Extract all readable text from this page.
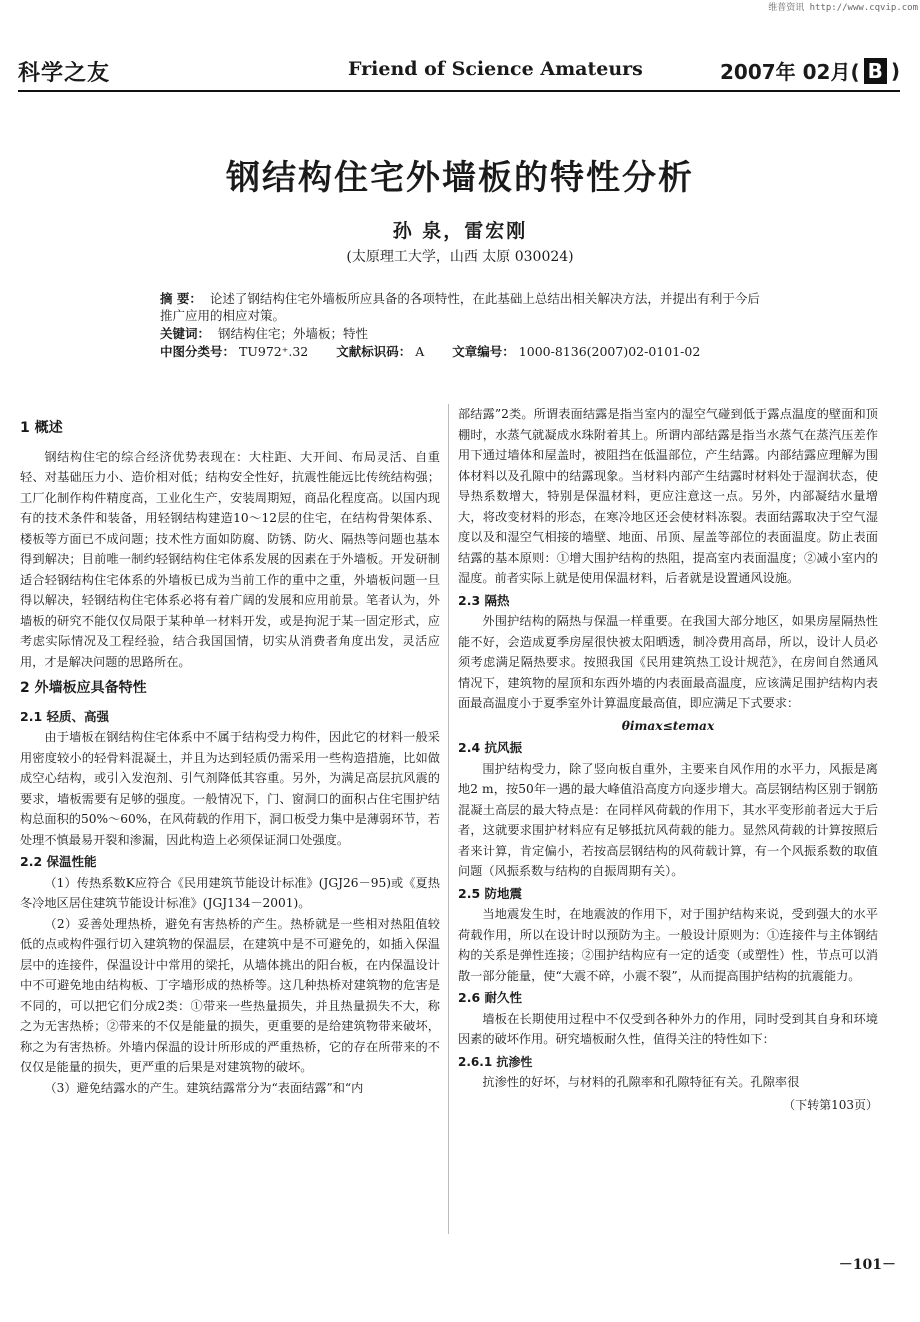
维普资讯 http://www.cqvip.com
科学之友	Friend of Science Amateurs	2007年 02月( B )
钢结构住宅外墙板的特性分析
孙 泉，雷宏刚
(太原理工大学，山西 太原 030024)

摘 要： 论述了钢结构住宅外墙板所应具备的各项特性，在此基础上总结出相关解决方法，并提出有利于今后推广应用的相应对策。

关键词： 钢结构住宅；外墙板；特性

中图分类号： TU972⁺.32 文献标识码： A 文章编号： 1000-8136(2007)02-0101-02
1 概述

钢结构住宅的综合经济优势表现在：大柱距、大开间、布局灵活、自重轻、对基础压力小、造价相对低；结构安全性好，抗震性能远比传统结构强；工厂化制作构件精度高，工业化生产，安装周期短，商品化程度高。以国内现有的技术条件和装备，用轻钢结构建造10～12层的住宅，在结构骨架体系、楼板等方面已不成问题；技术性方面如防腐、防锈、防火、隔热等问题也基本得到解决；目前唯一制约轻钢结构住宅体系发展的因素在于外墙板。开发研制适合轻钢结构住宅体系的外墙板已成为当前工作的重中之重，外墙板问题一旦得以解决，轻钢结构住宅体系必将有着广阔的发展和应用前景。笔者认为，外墙板的研究不能仅仅局限于某种单一材料开发，或是拘泥于某一固定形式，应考虑实际情况及工程经验，结合我国国情，切实从消费者角度出发，灵活应用，才是解决问题的思路所在。

2 外墙板应具备特性
2.1 轻质、高强

由于墙板在钢结构住宅体系中不属于结构受力构件，因此它的材料一般采用密度较小的轻骨料混凝土，并且为达到轻质仍需采用一些构造措施，比如做成空心结构，或引入发泡剂、引气剂降低其容重。另外，为满足高层抗风震的要求，墙板需要有足够的强度。一般情况下，门、窗洞口的面积占住宅围护结构总面积的50%～60%，在风荷载的作用下，洞口板受力集中是薄弱环节，若处理不慎最易开裂和渗漏，因此构造上必须保证洞口处强度。

2.2 保温性能

（1）传热系数K应符合《民用建筑节能设计标准》(JGJ26－95)或《夏热冬冷地区居住建筑节能设计标准》(JGJ134－2001)。

（2）妥善处理热桥，避免有害热桥的产生。热桥就是一些相对热阻值较低的点或构件强行切入建筑物的保温层，在建筑中是不可避免的，如插入保温层中的连接件，保温设计中常用的梁托，从墙体挑出的阳台板，在内保温设计中不可避免地由结构板、丁字墙形成的热桥等。这几种热桥对建筑物的危害是不同的，可以把它们分成2类：①带来一些热量损失，并且热量损失不大，称之为无害热桥；②带来的不仅是能量的损失，更重要的是给建筑物带来破坏，称之为有害热桥。外墙内保温的设计所形成的严重热桥，它的存在所带来的不仅仅是能量的损失，更严重的后果是对建筑物的破坏。

（3）避免结露水的产生。建筑结露常分为“表面结露”和“内

部结露”2类。所谓表面结露是指当室内的湿空气碰到低于露点温度的壁面和顶棚时，水蒸气就凝成水珠附着其上。所谓内部结露是指当水蒸气在蒸汽压差作用下通过墙体和屋盖时，被阻挡在低温部位，产生结露。内部结露应理解为围体材料以及孔隙中的结露现象。当材料内部产生结露时材料处于湿润状态，使导热系数增大，特别是保温材料，更应注意这一点。另外，内部凝结水量增大，将改变材料的形态，在寒冷地区还会使材料冻裂。表面结露取决于空气湿度以及和湿空气相接的墙壁、地面、吊顶、屋盖等部位的表面温度。防止表面结露的基本原则：①增大围护结构的热阻，提高室内表面温度；②减小室内的湿度。前者实际上就是使用保温材料，后者就是设置通风设施。

2.3 隔热

外围护结构的隔热与保温一样重要。在我国大部分地区，如果房屋隔热性能不好，会造成夏季房屋很快被太阳晒透，制冷费用高昂，所以，设计人员必须考虑满足隔热要求。按照我国《民用建筑热工设计规范》，在房间自然通风情况下，建筑物的屋顶和东西外墙的内表面最高温度，应该满足围护结构内表面最高温度小于夏季室外计算温度最高值，即应满足下式要求：

θimax≤temax

2.4 抗风振

围护结构受力，除了竖向板自重外，主要来自风作用的水平力，风振是离地2 m，按50年一遇的最大峰值沿高度方向逐步增大。高层钢结构区别于钢筋混凝土高层的最大特点是：在同样风荷载的作用下，其水平变形前者远大于后者，这就要求围护材料应有足够抵抗风荷载的能力。显然风荷载的计算按照后者来计算，肯定偏小，若按高层钢结构的风荷载计算，有一个风振系数的取值问题（风振系数与结构的自振周期有关）。

2.5 防地震

当地震发生时，在地震波的作用下，对于围护结构来说，受到强大的水平荷载作用，所以在设计时以预防为主。一般设计原则为：①连接件与主体钢结构的关系是弹性连接；②围护结构应有一定的适变（或塑性）性，节点可以消散一部分能量，使“大震不碎，小震不裂”，从而提高围护结构的抗震能力。

2.6 耐久性

墙板在长期使用过程中不仅受到各种外力的作用，同时受到其自身和环境因素的破坏作用。研究墙板耐久性，值得关注的特性如下：

2.6.1 抗渗性

抗渗性的好坏，与材料的孔隙率和孔隙特征有关。孔隙率很

（下转第103页）

－101－
